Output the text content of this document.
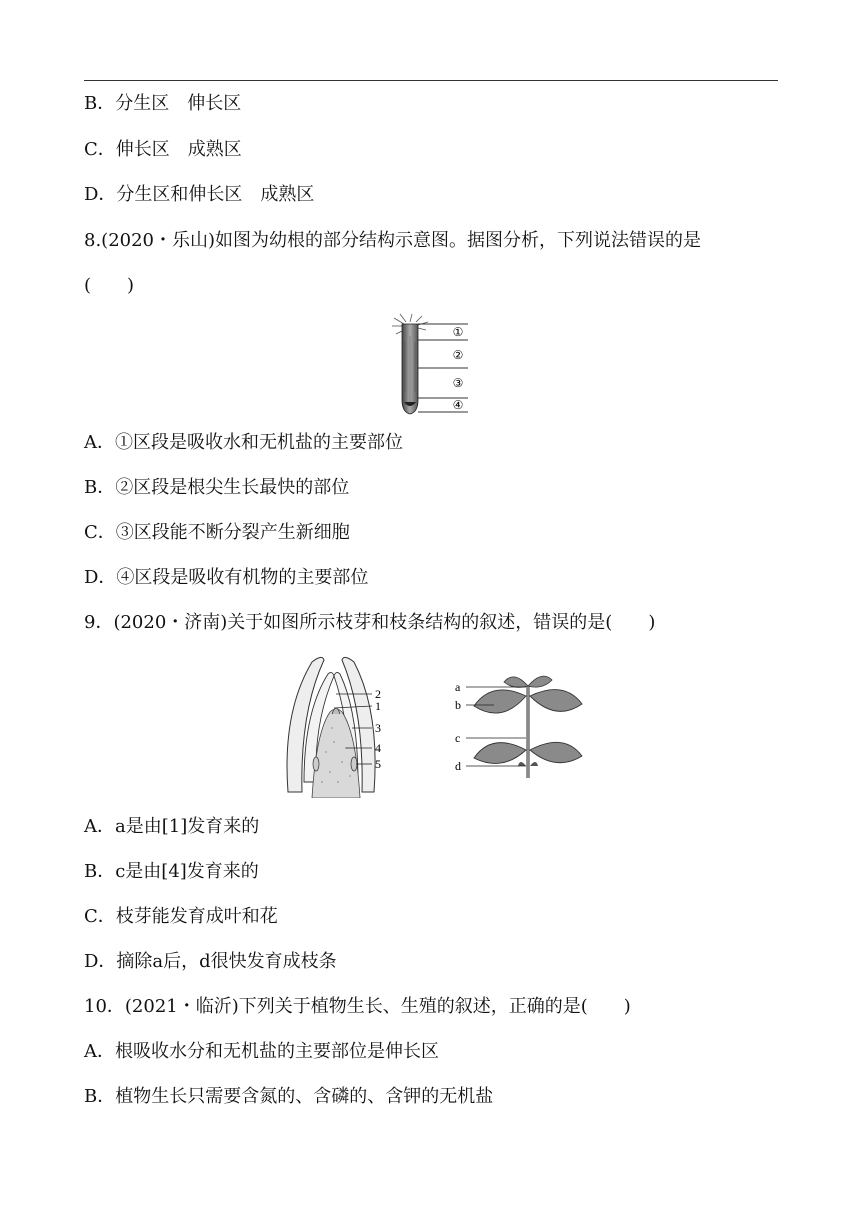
B．分生区　伸长区
C．伸长区　成熟区
D．分生区和伸长区　成熟区
8.(2020・乐山)如图为幼根的部分结构示意图。据图分析，下列说法错误的是
(　　)
①
②
③
④
A．①区段是吸收水和无机盐的主要部位
B．②区段是根尖生长最快的部位
C．③区段能不断分裂产生新细胞
D．④区段是吸收有机物的主要部位
9．(2020・济南)关于如图所示枝芽和枝条结构的叙述，错误的是(　　)
2
1
3
4
5
a
b
c
d
A．a是由[1]发育来的
B．c是由[4]发育来的
C．枝芽能发育成叶和花
D．摘除a后，d很快发育成枝条
10．(2021・临沂)下列关于植物生长、生殖的叙述，正确的是(　　)
A．根吸收水分和无机盐的主要部位是伸长区
B．植物生长只需要含氮的、含磷的、含钾的无机盐
